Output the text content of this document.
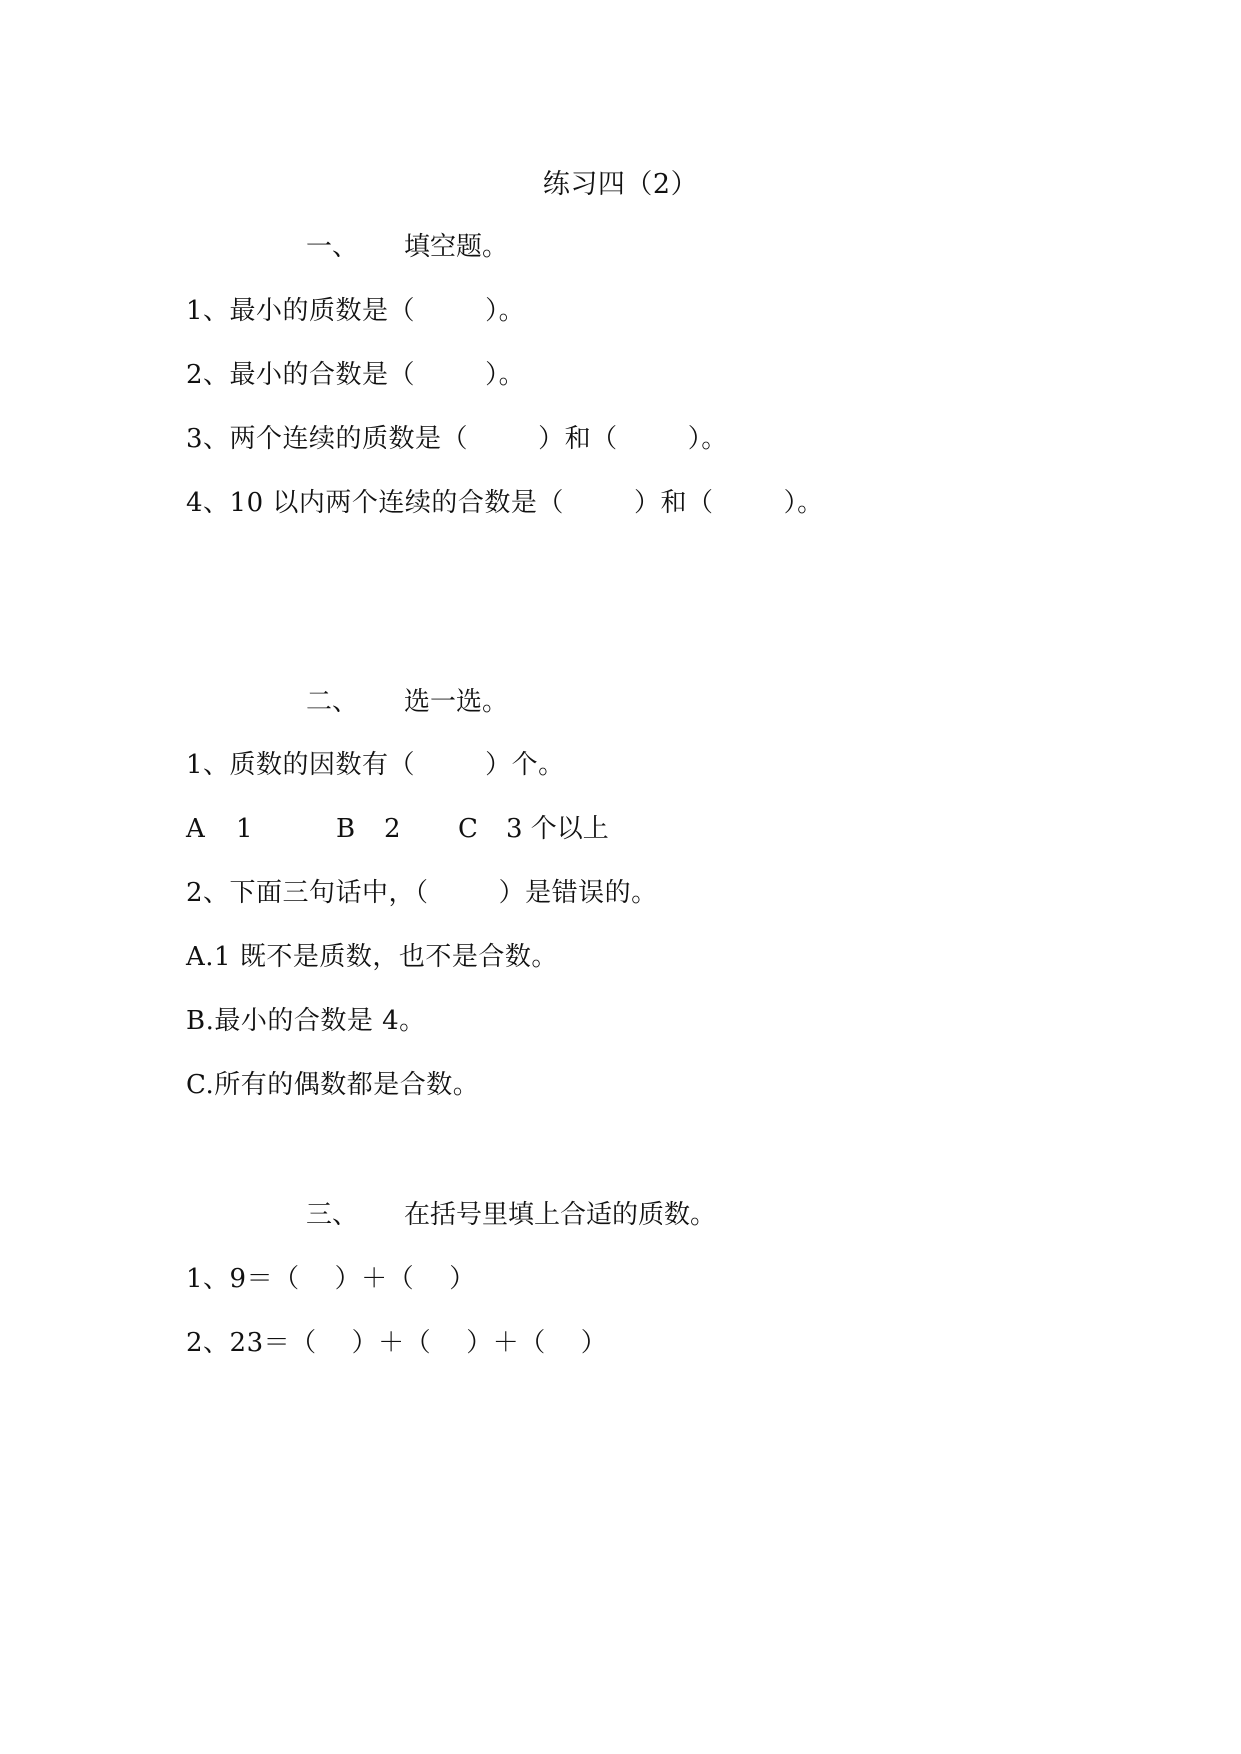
练习四（2）
一、 填空题。
1、最小的质数是（        ）。
2、最小的合数是（        ）。
3、两个连续的质数是（        ）和（        ）。
4、10 以内两个连续的合数是（        ）和（        ）。
二、 选一选。
1、质数的因数有（        ）个。
A 1	B 2 C 3 个以上
2、下面三句话中，（        ）是错误的。
A.1 既不是质数，也不是合数。
B.最小的合数是 4。
C.所有的偶数都是合数。
三、 在括号里填上合适的质数。
1、9＝（    ）＋（    ）
2、23＝（    ）＋（    ）＋（    ）
